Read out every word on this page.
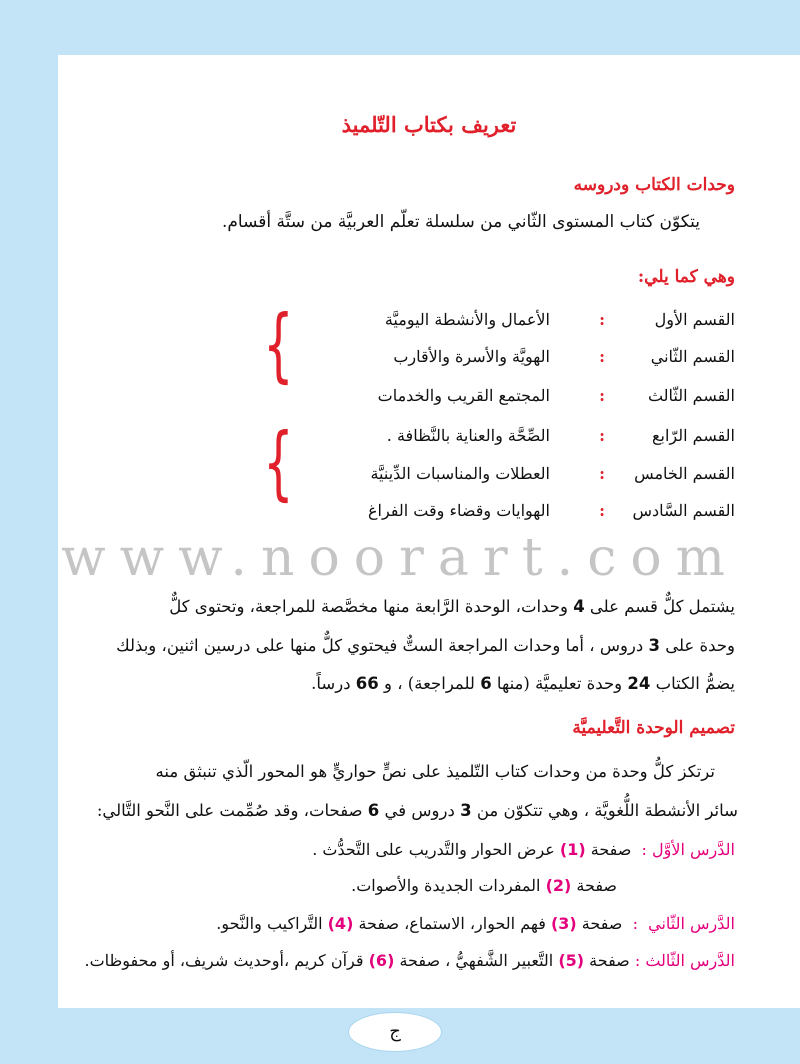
تعريف بكتاب التّلميذ
وحدات الكتاب ودروسه
يتكوّن كتاب المستوى الثّاني من سلسلة تعلّم العربيَّة من ستَّة أقسام.
وهي كما يلي:
القسم الأول
:
الأعمال والأنشطة اليوميَّة
القسم الثّاني
:
الهويَّة والأسرة والأقارب
القسم الثّالث
:
المجتمع القريب والخدمات
القسم الرّابع
:
الصِّحَّة والعناية بالنَّظافة .
القسم الخامس
:
العطلات والمناسبات الدِّينيَّة
القسم السَّادس
:
الهوايات وقضاء وقت الفراغ
{
{
يشتمل كلٌّ قسم على 4 وحدات، الوحدة الرَّابعة منها مخصَّصة للمراجعة، وتحتوى كلٌّ
وحدة على 3 دروس ، أما وحدات المراجعة الستٌّ فيحتوي كلٌّ منها على درسين اثنين، وبذلك
يضمُّ الكتاب 24 وحدة تعليميَّة (منها 6 للمراجعة) ، و 66 درساً.
تصميم الوحدة التَّعليميَّة
ترتكز كلُّ وحدة من وحدات كتاب التّلميذ على نصٍّ حواريٍّ هو المحور الّذي تنبثق منه
سائر الأنشطة اللُّغويَّة ، وهي تتكوّن من 3 دروس في 6 صفحات، وقد صُمِّمت على النَّحو التَّالي:
الدَّرس الأوَّل :  صفحة (1) عرض الحوار والتَّدريب على التَّحدُّث .
صفحة (2) المفردات الجديدة والأصوات.
الدَّرس الثّاني  :  صفحة (3) فهم الحوار، الاستماع، صفحة (4) التَّراكيب والنَّحو.
الدَّرس الثّالث : صفحة (5) التَّعبير الشَّفهيُّ ، صفحة (6) قرآن كريم ،أوحديث شريف، أو محفوظات.
www.noorart.com
ج
